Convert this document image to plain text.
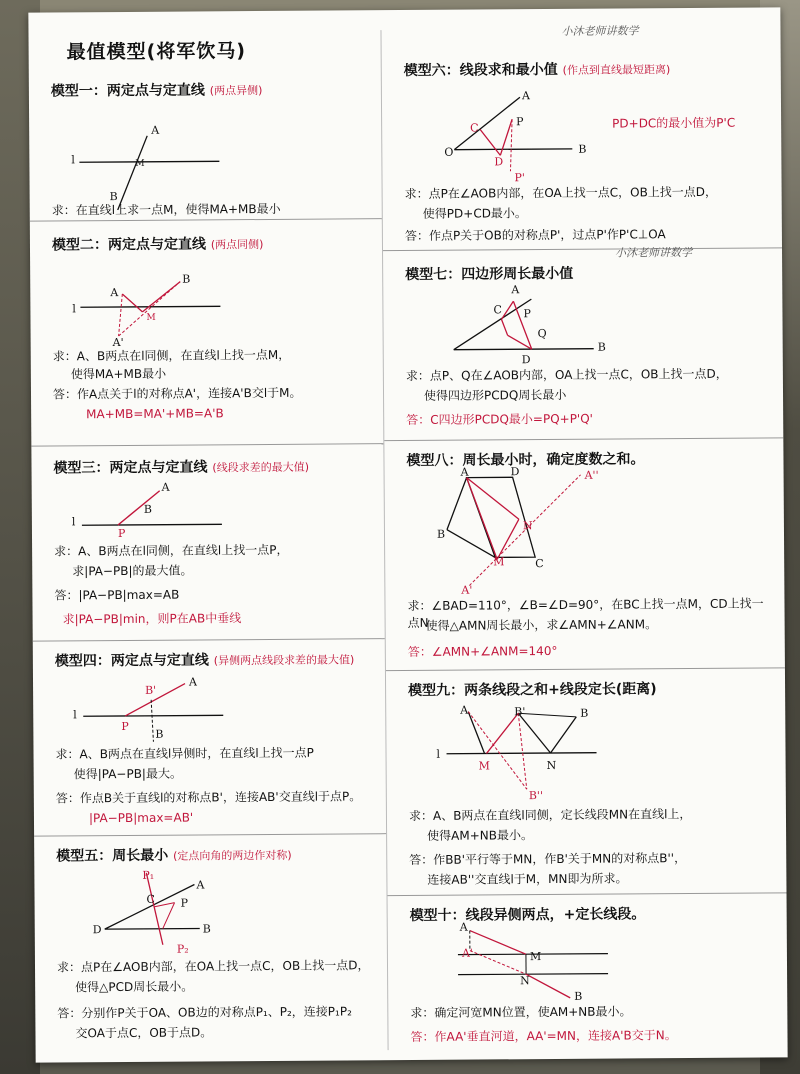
最值模型(将军饮马)
模型一：两定点与定直线 (两点异侧)
l
A
M
B
求：在直线l上求一点M，使得MA+MB最小
模型二：两定点与定直线 (两点同侧)
l
A
B
M
A'
求：A、B两点在l同侧，在直线l上找一点M，
使得MA+MB最小
答：作A点关于l的对称点A'，连接A'B交l于M。
MA+MB=MA'+MB=A'B
模型三：两定点与定直线 (线段求差的最大值)
l
A
B
P
求：A、B两点在l同侧，在直线l上找一点P，
求|PA−PB|的最大值。
答：|PA−PB|max=AB
求|PA−PB|min，则P在AB中垂线
模型四：两定点与定直线 (异侧两点线段求差的最大值)
l
A
B'
P
B
求：A、B两点在直线l异侧时，在直线l上找一点P
使得|PA−PB|最大。
答：作点B关于直线l的对称点B'，连接AB'交直线l于点P。
|PA−PB|max=AB'
模型五：周长最小 (定点向角的两边作对称)
P₁
A
C P
D	B
P₂
求：点P在∠AOB内部，在OA上找一点C，OB上找一点D，
使得△PCD周长最小。
答：分别作P关于OA、OB边的对称点P₁、P₂，连接P₁P₂
交OA于点C，OB于点D。
小沐老师讲数学
模型六：线段求和最小值 (作点到直线最短距离)
O
A
C	P
D
B
P'
PD+DC的最小值为P'C
求：点P在∠AOB内部，在OA上找一点C，OB上找一点D，
使得PD+CD最小。
答：作点P关于OB的对称点P'，过点P'作P'C⊥OA
小沐老师讲数学
模型七：四边形周长最小值
A
C P
Q
D
B
求：点P、Q在∠AOB内部，OA上找一点C，OB上找一点D，
使得四边形PCDQ周长最小
答：C四边形PCDQ最小=PQ+P'Q'
模型八：周长最小时，确定度数之和。
A	D	A''
B
N
M	C
A'
求：∠BAD=110°，∠B=∠D=90°，在BC上找一点M，CD上找一点N
使得△AMN周长最小，求∠AMN+∠ANM。
答：∠AMN+∠ANM=140°
模型九：两条线段之和+线段定长(距离)
A	B'	B
l
M	N
B''
求：A、B两点在直线l同侧，定长线段MN在直线l上，
使得AM+NB最小。
答：作BB'平行等于MN，作B'关于MN的对称点B''，
连接AB''交直线l于M，MN即为所求。
模型十：线段异侧两点，+定长线段。
A
A'	M
N
B
求：确定河宽MN位置，使AM+NB最小。
答：作AA'垂直河道，AA'=MN，连接A'B交于N。
